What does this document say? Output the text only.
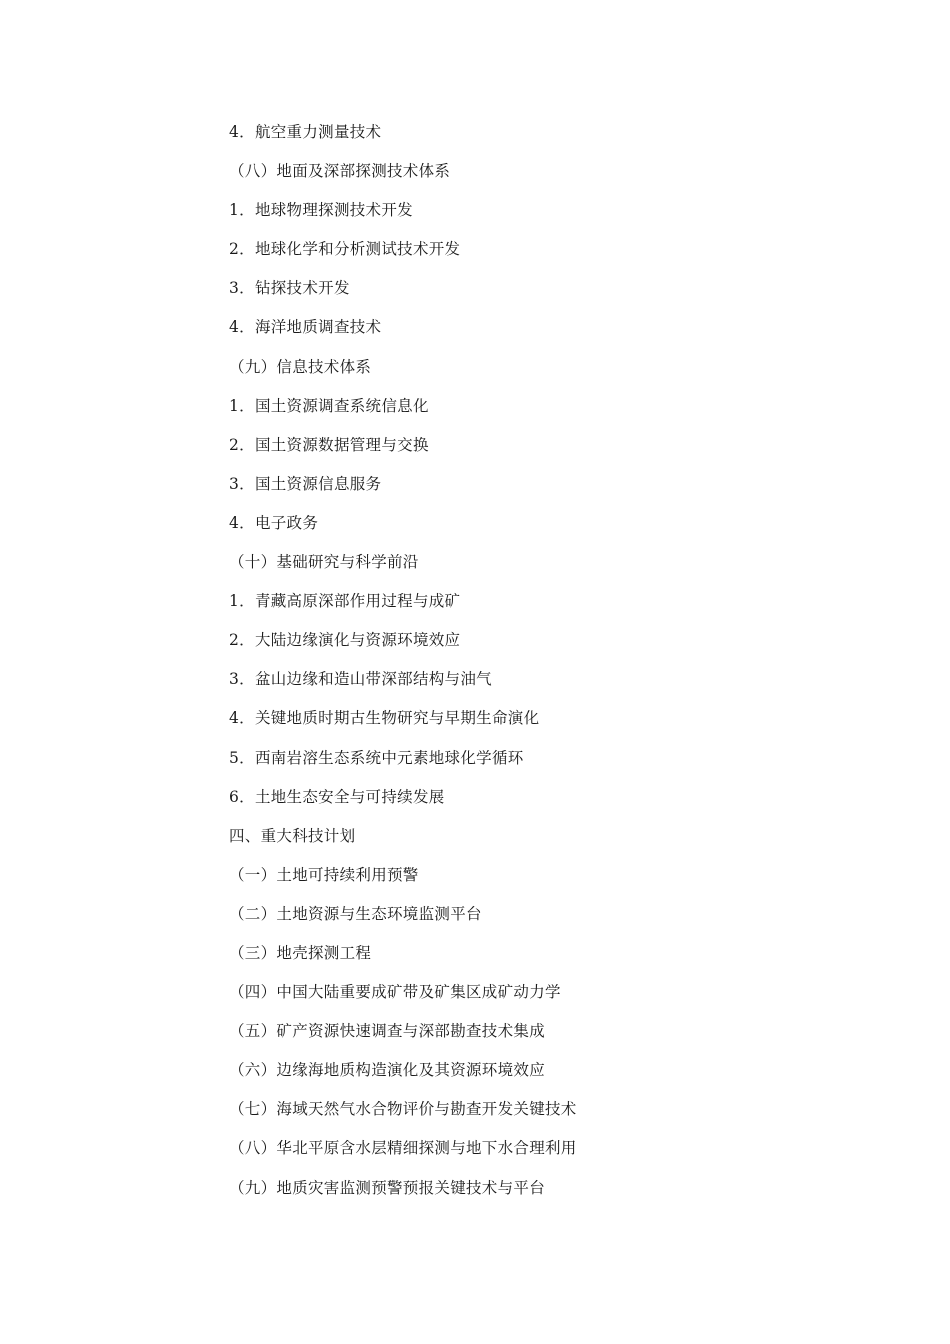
4．航空重力测量技术
（八）地面及深部探测技术体系
1．地球物理探测技术开发
2．地球化学和分析测试技术开发
3．钻探技术开发
4．海洋地质调查技术
（九）信息技术体系
1．国土资源调查系统信息化
2．国土资源数据管理与交换
3．国土资源信息服务
4．电子政务
（十）基础研究与科学前沿
1．青藏高原深部作用过程与成矿
2．大陆边缘演化与资源环境效应
3．盆山边缘和造山带深部结构与油气
4．关键地质时期古生物研究与早期生命演化
5．西南岩溶生态系统中元素地球化学循环
6．土地生态安全与可持续发展
四、重大科技计划
（一）土地可持续利用预警
（二）土地资源与生态环境监测平台
（三）地壳探测工程
（四）中国大陆重要成矿带及矿集区成矿动力学
（五）矿产资源快速调查与深部勘查技术集成
（六）边缘海地质构造演化及其资源环境效应
（七）海域天然气水合物评价与勘查开发关键技术
（八）华北平原含水层精细探测与地下水合理利用
（九）地质灾害监测预警预报关键技术与平台
